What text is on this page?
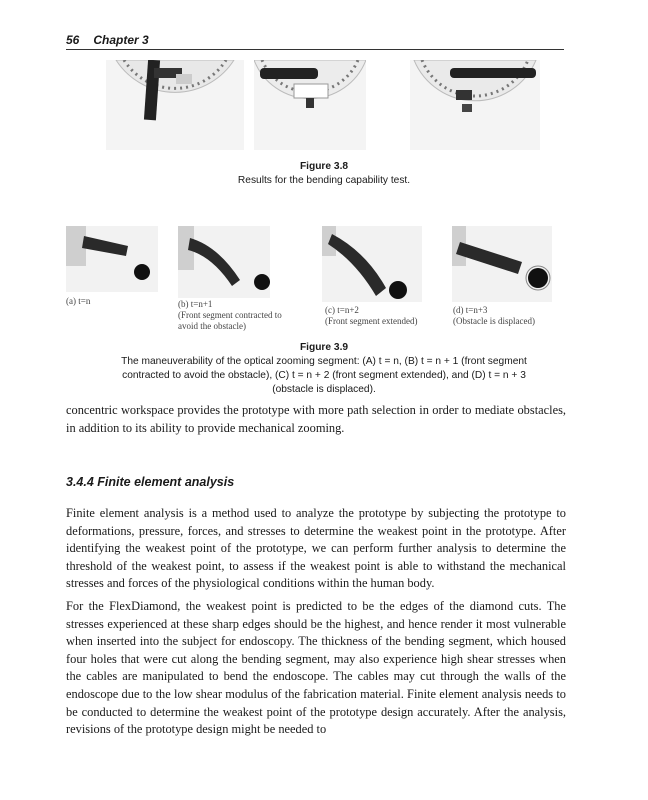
56 Chapter 3
Figure 3.8
Results for the bending capability test.
(a) t=n	(b) t=n+1
(Front segment contracted to
avoid the obstacle)
(c) t=n+2
(Front segment extended)
(d) t=n+3
(Obstacle is displaced)
Figure 3.9
The maneuverability of the optical zooming segment: (A) t = n, (B) t = n + 1 (front segment
contracted to avoid the obstacle), (C) t = n + 2 (front segment extended), and (D) t = n + 3
(obstacle is displaced).

concentric workspace provides the prototype with more path selection in order to mediate obstacles, in addition to its ability to provide mechanical zooming.

3.4.4 Finite element analysis

Finite element analysis is a method used to analyze the prototype by subjecting the prototype to deformations, pressure, forces, and stresses to determine the weakest point in the prototype. After identifying the weakest point of the prototype, we can perform further analysis to determine the threshold of the weakest point, to assess if the weakest point is able to withstand the mechanical stresses and forces of the physiological conditions within the human body.

For the FlexDiamond, the weakest point is predicted to be the edges of the diamond cuts. The stresses experienced at these sharp edges should be the highest, and hence render it most vulnerable when inserted into the subject for endoscopy. The thickness of the bending segment, which housed four holes that were cut along the bending segment, may also experience high shear stresses when the cables are manipulated to bend the endoscope. The cables may cut through the walls of the endoscope due to the low shear modulus of the fabrication material. Finite element analysis needs to be conducted to determine the weakest point of the prototype design accurately. After the analysis, revisions of the prototype design might be needed to
